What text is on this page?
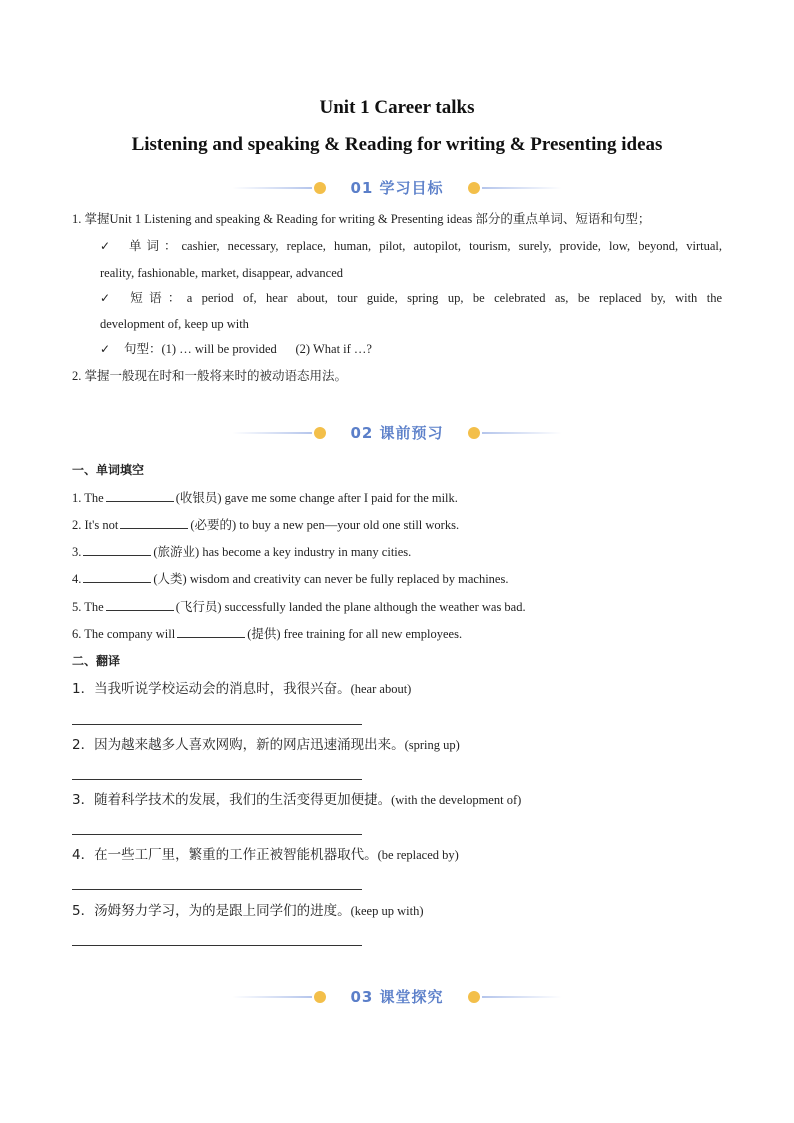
Unit 1 Career talks
Listening and speaking & Reading for writing & Presenting ideas
01 学习目标
1. 掌握Unit 1 Listening and speaking & Reading for writing & Presenting ideas 部分的重点单词、短语和句型；
✓ 单词：cashier, necessary, replace, human, pilot, autopilot, tourism, surely, provide, low, beyond, virtual,
reality, fashionable, market, disappear, advanced
✓ 短语：a period of, hear about, tour guide, spring up, be celebrated as, be replaced by, with the
development of, keep up with
✓ 句型：(1) … will be provided      (2) What if …?
2. 掌握一般现在时和一般将来时的被动语态用法。
02 课前预习
一、单词填空
1. The	(收银员) gave me some change after I paid for the milk.
2. It's not	(必要的) to buy a new pen—your old one still works.
3.	(旅游业) has become a key industry in many cities.
4.	(人类) wisdom and creativity can never be fully replaced by machines.
5. The	(飞行员) successfully landed the plane although the weather was bad.
6. The company will	(提供) free training for all new employees.
二、翻译
1．当我听说学校运动会的消息时，我很兴奋。(hear about)
2．因为越来越多人喜欢网购，新的网店迅速涌现出来。(spring up)
3．随着科学技术的发展，我们的生活变得更加便捷。(with the development of)
4．在一些工厂里，繁重的工作正被智能机器取代。(be replaced by)
5．汤姆努力学习，为的是跟上同学们的进度。(keep up with)
03 课堂探究
